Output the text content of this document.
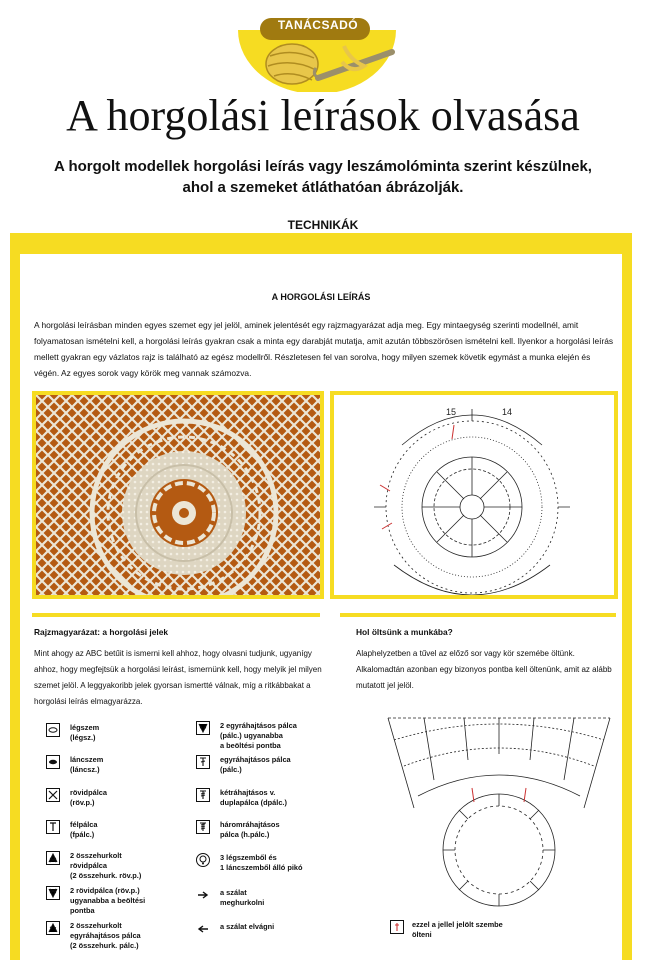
TANÁCSADÓ
A horgolási leírások olvasása
A horgolt modellek horgolási leírás vagy leszámolóminta szerint készülnek,
ahol a szemeket átláthatóan ábrázolják.
TECHNIKÁK
A HORGOLÁSI LEÍRÁS
A horgolási leírásban minden egyes szemet egy jel jelöl, aminek jelentését egy rajzmagyarázat adja meg. Egy mintaegység szerinti modellnél, amit folyamatosan ismételni kell, a horgolási leírás gyakran csak a minta egy darabját mutatja, amit azután többszörösen ismételni kell. Ilyenkor a horgolási leírás mellett gyakran egy vázlatos rajz is található az egész modellről. Részletesen fel van sorolva, hogy milyen szemek követik egymást a munka elején és végén. Az egyes sorok vagy körök meg vannak számozva.
14
15
Rajzmagyarázat: a horgolási jelek
Mint ahogy az ABC betűit is ismerni kell ahhoz, hogy olvasni tudjunk, ugyanígy ahhoz, hogy megfejtsük a horgolási leírást, ismernünk kell, hogy melyik jel milyen szemet jelöl. A leggyakoribb jelek gyorsan ismertté válnak, míg a ritkábbakat a horgolási leírás elmagyarázza.
Hol öltsünk a munkába?
Alaphelyzetben a tűvel az előző sor vagy kör szemébe öltünk. Alkalomadtán azonban egy bizonyos pontba kell öltenünk, amit az alább mutatott jel jelöl.
légszem
(légsz.)
láncszem
(láncsz.)
rövidpálca
(röv.p.)
félpálca
(fpálc.)
2 összehurkolt
rövidpálca
(2 összehurk. röv.p.)
2 rövidpálca (röv.p.)
ugyanabba a beöltési
pontba
2 összehurkolt
egyráhajtásos pálca
(2 összehurk. pálc.)
2 egyráhajtásos pálca
(pálc.) ugyanabba
a beöltési pontba
egyráhajtásos pálca
(pálc.)
kétráhajtásos v.
duplapálca (dpálc.)
háromráhajtásos
pálca (h.pálc.)
3 légszemből és
1 láncszemből álló pikó
a szálat
meghurkolni
a szálat elvágni	ezzel a jellel jelölt szembe
ölteni
